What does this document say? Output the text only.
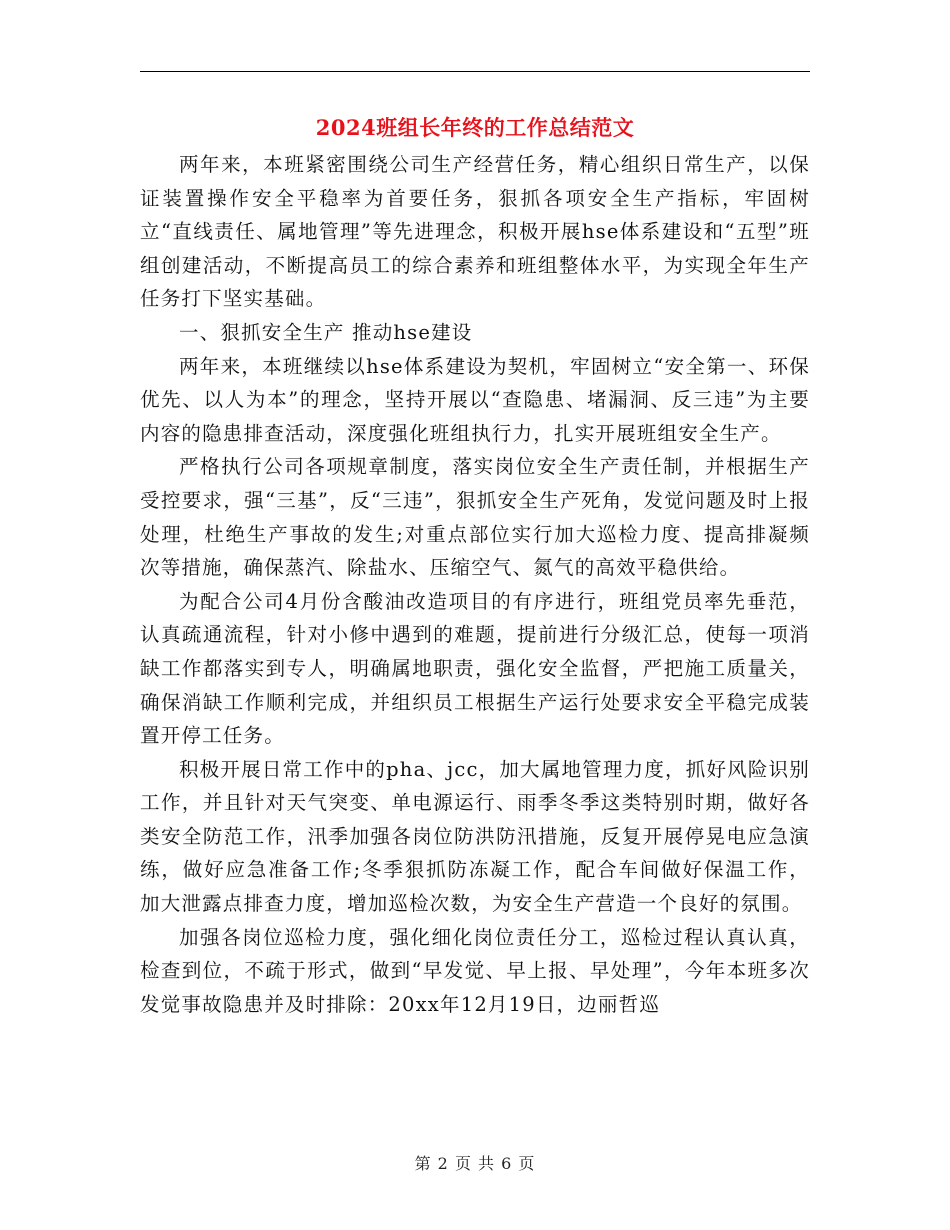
2024班组长年终的工作总结范文

两年来，本班紧密围绕公司生产经营任务，精心组织日常生产，以保证装置操作安全平稳率为首要任务，狠抓各项安全生产指标，牢固树立“直线责任、属地管理”等先进理念，积极开展hse体系建设和“五型”班组创建活动，不断提高员工的综合素养和班组整体水平，为实现全年生产任务打下坚实基础。

一、狠抓安全生产 推动hse建设

两年来，本班继续以hse体系建设为契机，牢固树立“安全第一、环保优先、以人为本”的理念，坚持开展以“查隐患、堵漏洞、反三违”为主要内容的隐患排查活动，深度强化班组执行力，扎实开展班组安全生产。

严格执行公司各项规章制度，落实岗位安全生产责任制，并根据生产受控要求，强“三基”，反“三违”，狠抓安全生产死角，发觉问题及时上报处理，杜绝生产事故的发生;对重点部位实行加大巡检力度、提高排凝频次等措施，确保蒸汽、除盐水、压缩空气、氮气的高效平稳供给。

为配合公司4月份含酸油改造项目的有序进行，班组党员率先垂范，认真疏通流程，针对小修中遇到的难题，提前进行分级汇总，使每一项消缺工作都落实到专人，明确属地职责，强化安全监督，严把施工质量关，确保消缺工作顺利完成，并组织员工根据生产运行处要求安全平稳完成装置开停工任务。

积极开展日常工作中的pha、jcc，加大属地管理力度，抓好风险识别工作，并且针对天气突变、单电源运行、雨季冬季这类特别时期，做好各类安全防范工作，汛季加强各岗位防洪防汛措施，反复开展停晃电应急演练，做好应急准备工作;冬季狠抓防冻凝工作，配合车间做好保温工作，加大泄露点排查力度，增加巡检次数，为安全生产营造一个良好的氛围。

加强各岗位巡检力度，强化细化岗位责任分工，巡检过程认真认真，检查到位，不疏于形式，做到“早发觉、早上报、早处理”，今年本班多次发觉事故隐患并及时排除：20xx年12月19日，边丽哲巡

第 2 页 共 6 页
